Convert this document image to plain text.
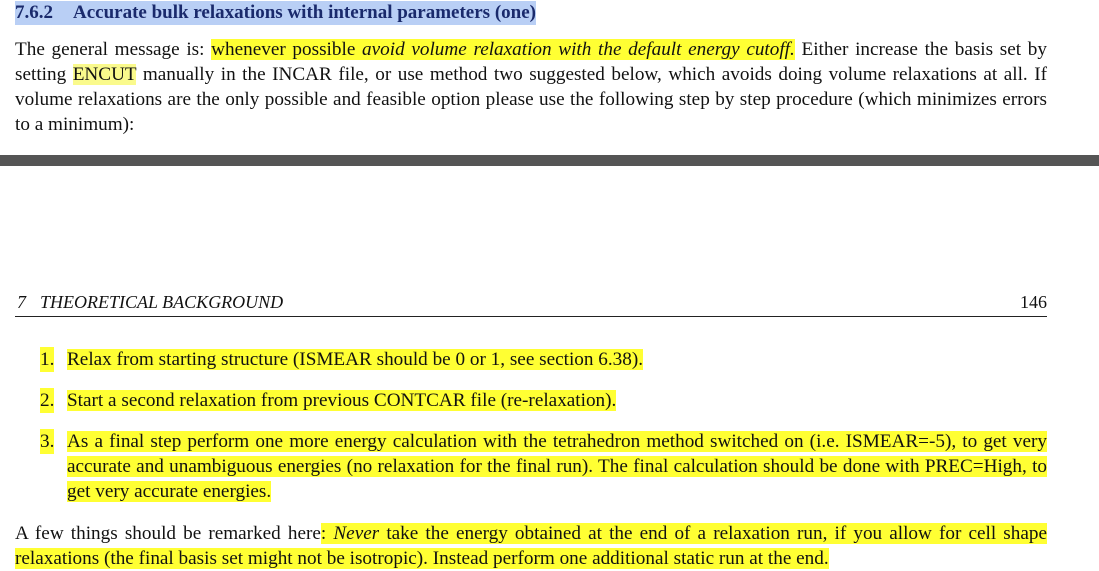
7.6.2 Accurate bulk relaxations with internal parameters (one)

The general message is: whenever possible avoid volume relaxation with the default energy cutoff. Either increase the basis set by setting ENCUT manually in the INCAR file, or use method two suggested below, which avoids doing volume relaxations at all. If volume relaxations are the only possible and feasible option please use the following step by step procedure (which minimizes errors to a minimum):

7 THEORETICAL BACKGROUND	146
1. Relax from starting structure (ISMEAR should be 0 or 1, see section 6.38).
2. Start a second relaxation from previous CONTCAR file (re-relaxation).
3. As a final step perform one more energy calculation with the tetrahedron method switched on (i.e. ISMEAR=-5), to get very accurate and unambiguous energies (no relaxation for the final run). The final calculation should be done with PREC=High, to get very accurate energies.

A few things should be remarked here: Never take the energy obtained at the end of a relaxation run, if you allow for cell shape relaxations (the final basis set might not be isotropic). Instead perform one additional static run at the end.
